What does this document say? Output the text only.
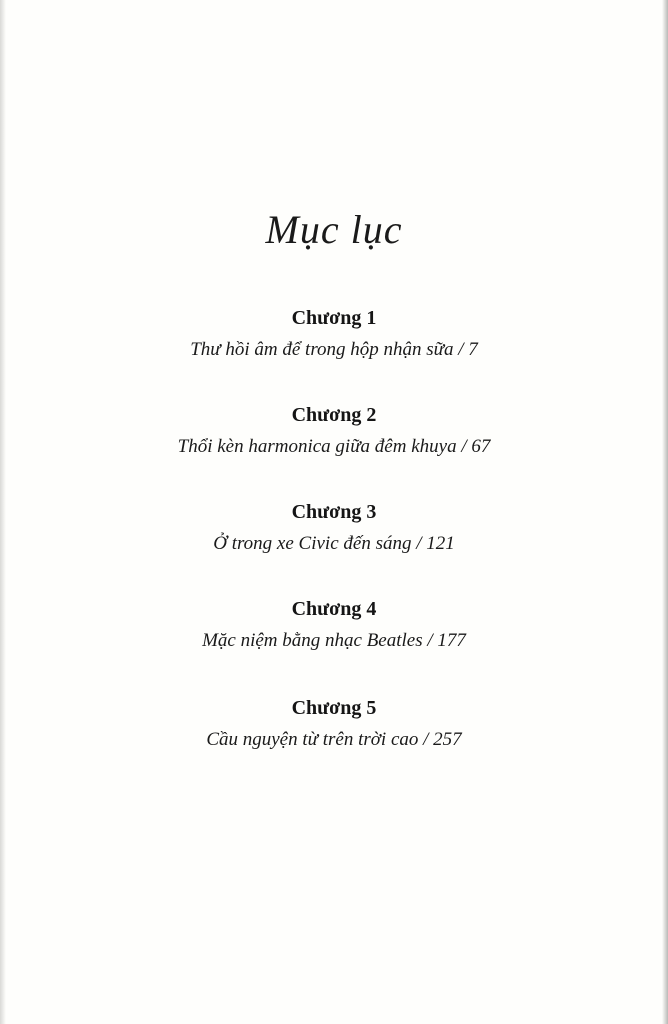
Mục lục
Chương 1
Thư hồi âm để trong hộp nhận sữa / 7
Chương 2
Thổi kèn harmonica giữa đêm khuya / 67
Chương 3
Ở trong xe Civic đến sáng / 121
Chương 4
Mặc niệm bằng nhạc Beatles / 177
Chương 5
Cầu nguyện từ trên trời cao / 257
